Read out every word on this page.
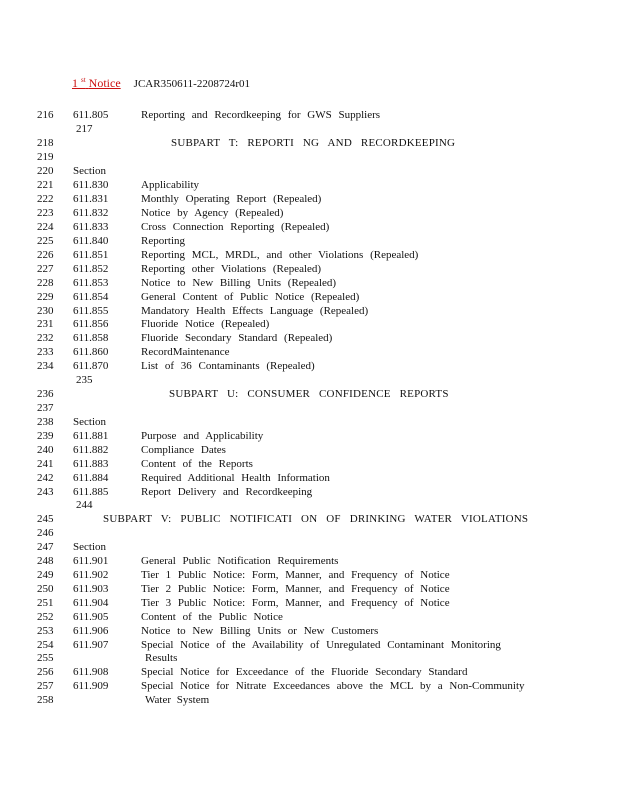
1 $^{st}$ Notice JCAR350611-2208724r01
216 611.805	Reporting and Recordkeeping for GWS Suppliers
217
218	SUBPART T: REPORTI NG AND RECORDKEEPING
219
220 Section
221 611.830	Applicability
222 611.831	Monthly Operating Report (Repealed)
223 611.832	Notice by Agency (Repealed)
224 611.833	Cross Connection Reporting (Repealed)
225 611.840	Reporting
226 611.851	Reporting MCL, MRDL, and other Violations (Repealed)
227 611.852	Reporting other Violations (Repealed)
228 611.853	Notice to New Billing Units (Repealed)
229 611.854	General Content of Public Notice (Repealed)
230 611.855	Mandatory Health Effects Language (Repealed)
231 611.856	Fluoride Notice (Repealed)
232 611.858	Fluoride Secondary Standard (Repealed)
233 611.860	RecordMaintenance
234 611.870	List of 36 Contaminants (Repealed)
235
236	SUBPART U: CONSUMER CONFIDENCE REPORTS
237
238 Section
239 611.881	Purpose and Applicability
240 611.882	Compliance Dates
241 611.883	Content of the Reports
242 611.884	Required Additional Health Information
243 611.885	Report Delivery and Recordkeeping
244
245	SUBPART V: PUBLIC NOTIFICATI ON OF DRINKING WATER VIOLATIONS
246
247 Section
248 611.901	General Public Notification Requirements
249 611.902	Tier 1 Public Notice: Form, Manner, and Frequency of Notice
250 611.903	Tier 2 Public Notice: Form, Manner, and Frequency of Notice
251 611.904	Tier 3 Public Notice: Form, Manner, and Frequency of Notice
252 611.905	Content of the Public Notice
253 611.906	Notice to New Billing Units or New Customers
254 611.907	Special Notice of the Availability of Unregulated Contaminant Monitoring
255	Results
256 611.908	Special Notice for Exceedance of the Fluoride Secondary Standard
257 611.909	Special Notice for Nitrate Exceedances above the MCL by a Non-Community
258	Water System
